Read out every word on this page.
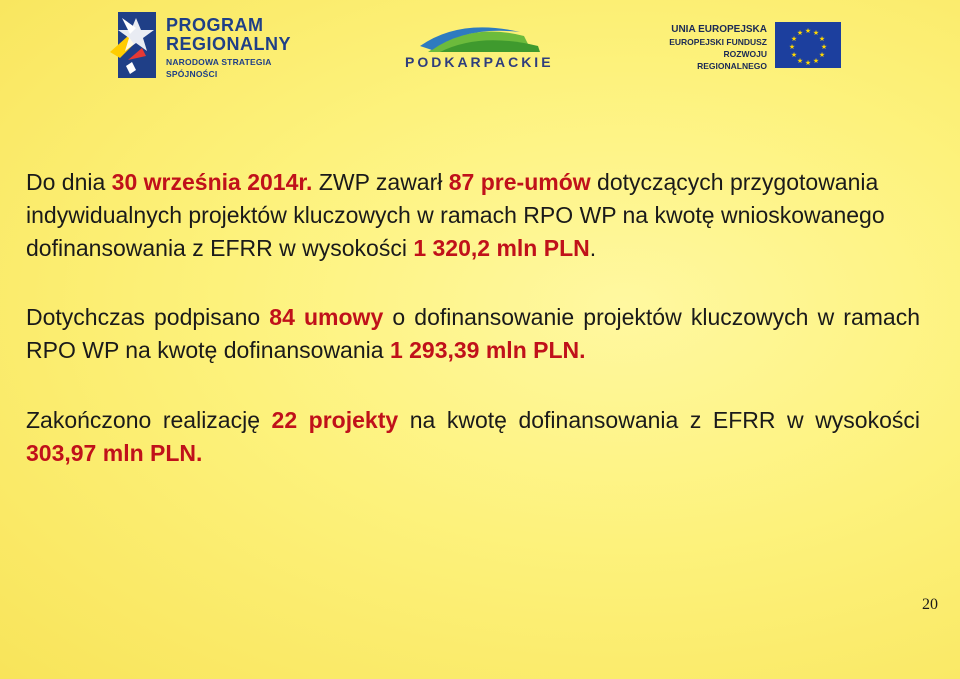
PROGRAM
REGIONALNY
NARODOWA STRATEGIA SPÓJNOŚCI
PODKARPACKIE
UNIA EUROPEJSKA
EUROPEJSKI FUNDUSZ
ROZWOJU REGIONALNEGO
★ ★
★
★
★
★
★
★
★
★
★
★

Do dnia 30 września 2014r. ZWP zawarł 87 pre-umów dotyczących przygotowania indywidualnych projektów kluczowych w ramach RPO WP na kwotę wnioskowanego dofinansowania z EFRR w wysokości 1 320,2 mln PLN.

Dotychczas podpisano 84 umowy o dofinansowanie projektów kluczowych w ramach RPO WP na kwotę dofinansowania 1 293,39 mln PLN.

Zakończono realizację 22 projekty na kwotę dofinansowania z EFRR w wysokości 303,97 mln PLN.

20
